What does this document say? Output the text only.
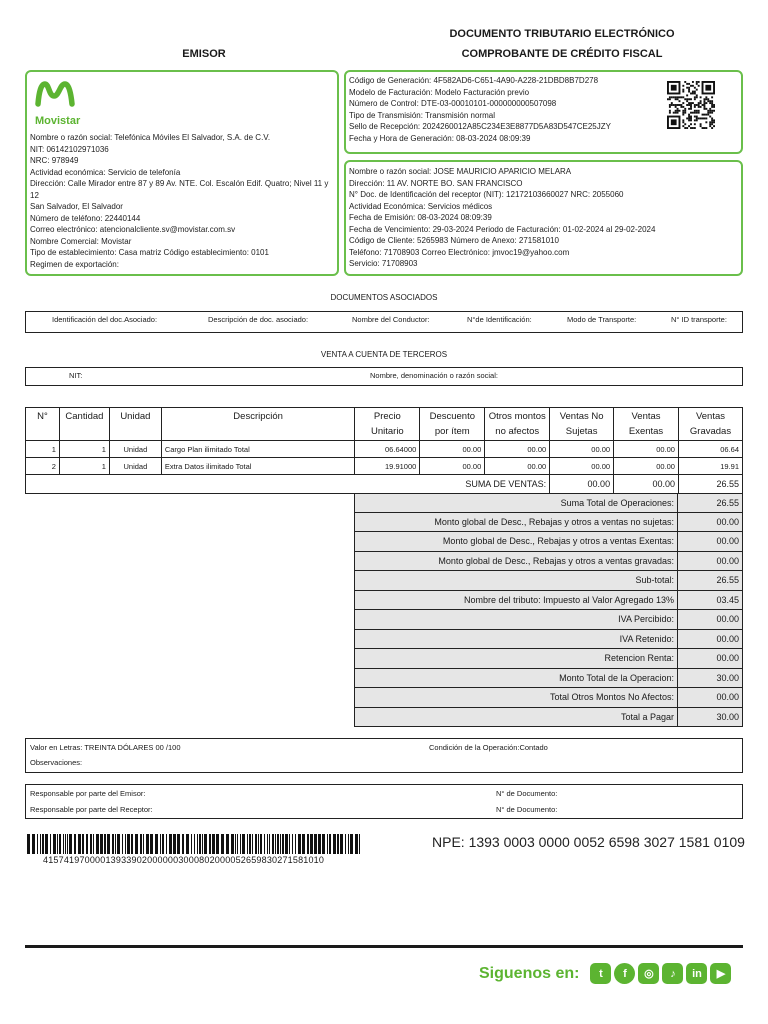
DOCUMENTO TRIBUTARIO ELECTRÓNICO
COMPROBANTE DE CRÉDITO FISCAL
EMISOR
Movistar
Nombre o razón social: Telefónica Móviles El Salvador, S.A. de C.V.
NIT: 06142102971036
NRC: 978949
Actividad económica: Servicio de telefonía
Dirección: Calle Mirador entre 87 y 89 Av. NTE. Col. Escalón Edif. Quatro; Nivel 11 y 12
San Salvador, El Salvador
Número de teléfono: 22440144
Correo electrónico: atencionalcliente.sv@movistar.com.sv
Nombre Comercial: Movistar
Tipo de establecimiento: Casa matriz Código establecimiento: 0101
Regimen de exportación:
Código de Generación: 4F582AD6-C651-4A90-A228-21DBD8B7D278
Modelo de Facturación: Modelo Facturación previo
Número de Control: DTE-03-00010101-000000000507098
Tipo de Transmisión: Transmisión normal
Sello de Recepción: 2024260012A85C234E3E8877D5A83D547CE25JZY
Fecha y Hora de Generación: 08-03-2024 08:09:39
Nombre o razón social: JOSE MAURICIO APARICIO MELARA
Dirección: 11 AV. NORTE BO. SAN FRANCISCO
N° Doc. de Identificación del receptor (NIT): 12172103660027 NRC: 2055060
Actividad Económica: Servicios médicos
Fecha de Emisión: 08-03-2024 08:09:39
Fecha de Vencimiento: 29-03-2024 Periodo de Facturación: 01-02-2024 al 29-02-2024
Código de Cliente: 5265983 Número de Anexo: 271581010
Teléfono: 71708903 Correo Electrónico: jmvoc19@yahoo.com
Servicio: 71708903
DOCUMENTOS ASOCIADOS
Identificación del doc.Asociado:	Descripción de doc. asociado:	Nombre del Conductor:	N°de Identificación:	Modo de Transporte:	N° ID transporte:
VENTA A CUENTA DE TERCEROS
NIT:	Nombre, denominación o razón social:
N°	Cantidad	Unidad	Descripción	Precio Unitario	Descuento por ítem	Otros montos no afectos	Ventas No Sujetas	Ventas Exentas	Ventas Gravadas
1	1	Unidad	Cargo Plan ilimitado Total	06.64000	00.00	00.00	00.00	00.00	06.64
2	1	Unidad	Extra Datos ilimitado Total	19.91000	00.00	00.00	00.00	00.00	19.91
SUMA DE VENTAS:							00.00	00.00	26.55
Suma Total de Operaciones:	26.55
Monto global de Desc., Rebajas y otros a ventas no sujetas:	00.00
Monto global de Desc., Rebajas y otros a ventas Exentas:	00.00
Monto global de Desc., Rebajas y otros a ventas gravadas:	00.00
Sub-total:	26.55
Nombre del tributo: Impuesto al Valor Agregado 13%	03.45
IVA Percibido:	00.00
IVA Retenido:	00.00
Retencion Renta:	00.00
Monto Total de la Operacion:	30.00
Total Otros Montos No Afectos:	00.00
Total a Pagar	30.00
Valor en Letras: TREINTA DÓLARES 00 /100	Condición de la Operación:Contado
Observaciones:
Responsable por parte del Emisor:
Responsable por parte del Receptor:
N° de Documento:
N° de Documento:
415741970000139339020000003000802000052659830271581010
NPE: 1393 0003 0000 0052 6598 3027 1581 0109
Siguenos en:	t	f	◎	♪	in	▶
